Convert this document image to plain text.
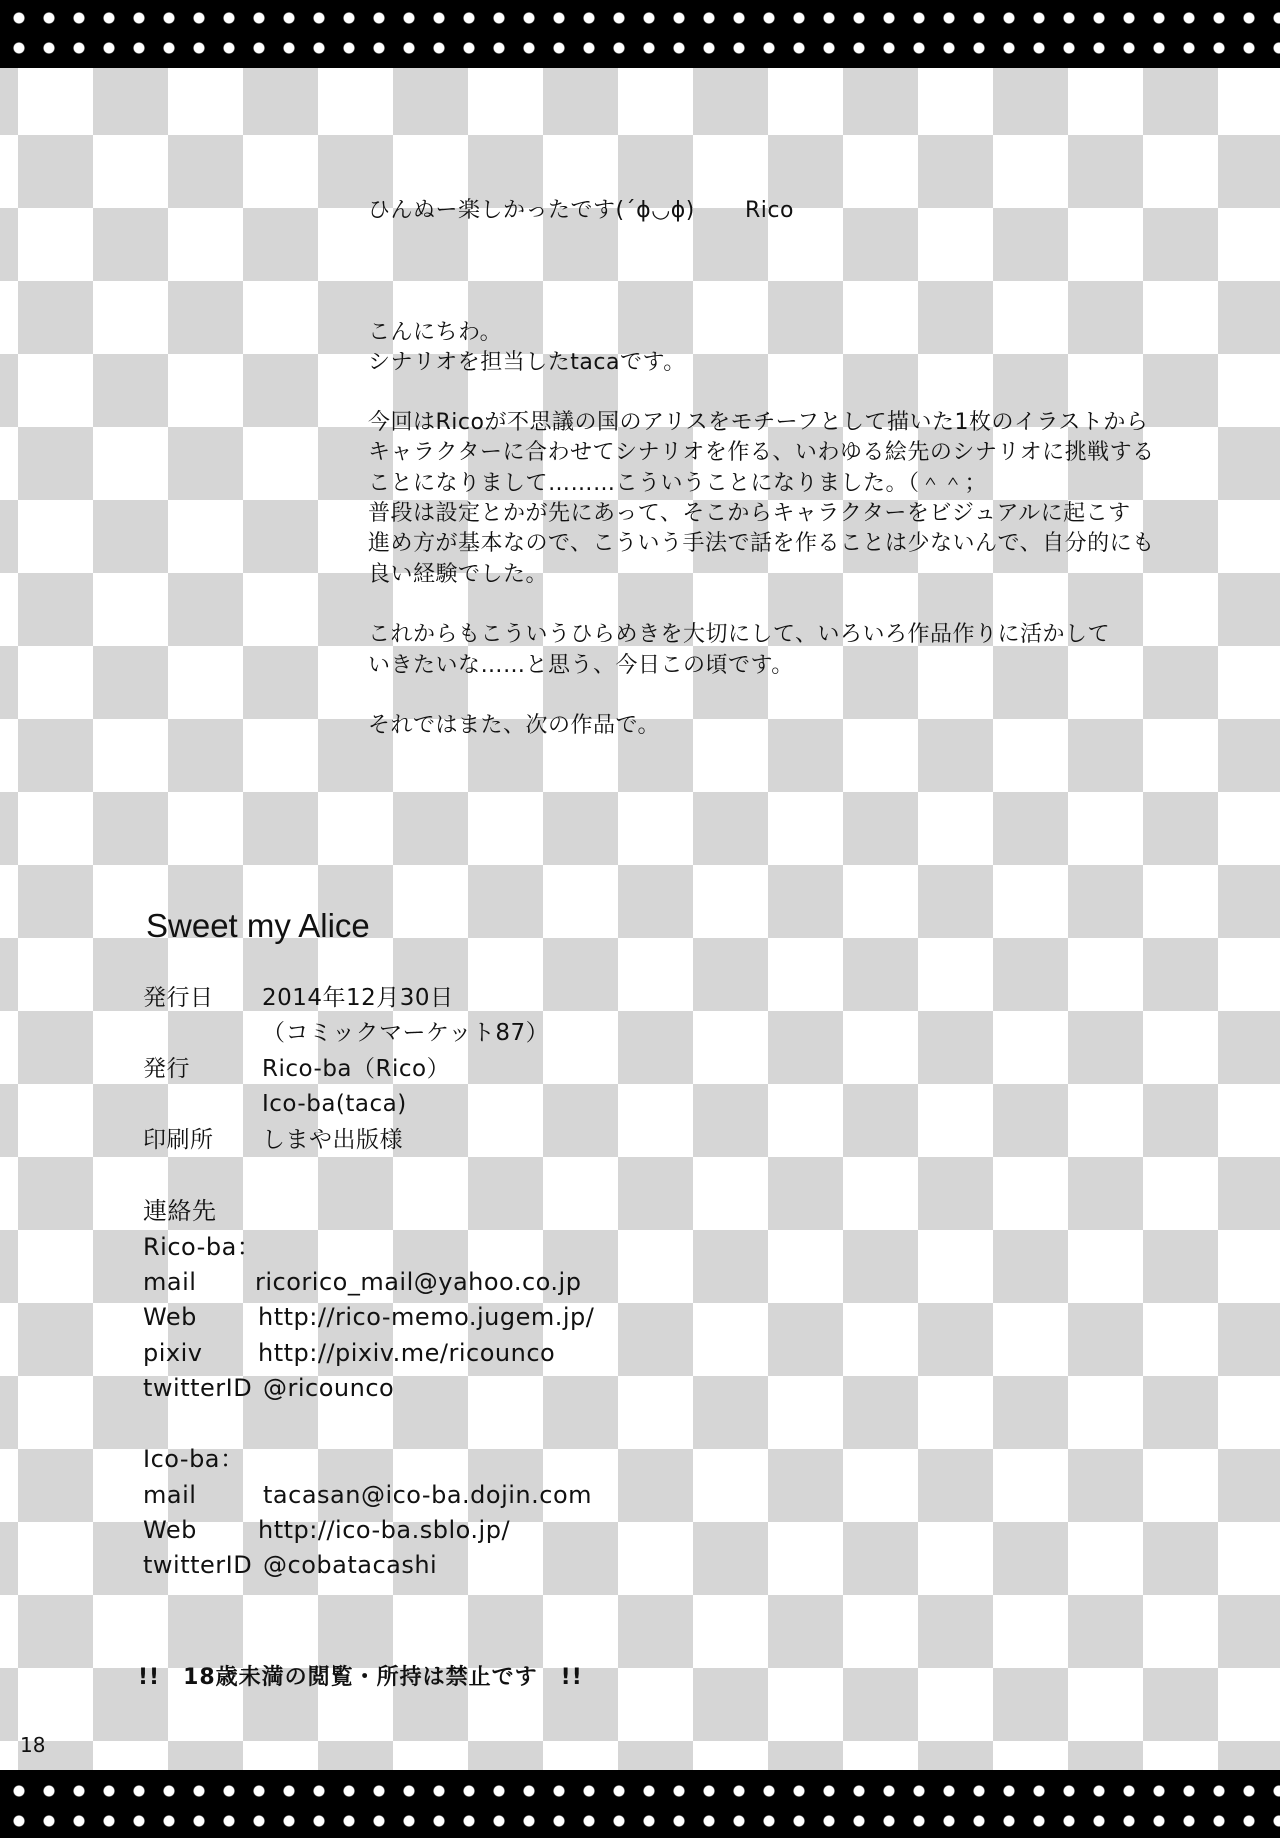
ひんぬー楽しかったです(´ɸ◡ɸ) Rico
こんにちわ。
シナリオを担当したtacaです。
今回はRicoが不思議の国のアリスをモチーフとして描いた1枚のイラストから
キャラクターに合わせてシナリオを作る、いわゆる絵先のシナリオに挑戦する
ことになりまして………こういうことになりました。（＾＾；
普段は設定とかが先にあって、そこからキャラクターをビジュアルに起こす
進め方が基本なので、こういう手法で話を作ることは少ないんで、自分的にも
良い経験でした。
これからもこういうひらめきを大切にして、いろいろ作品作りに活かして
いきたいな……と思う、今日この頃です。
それではまた、次の作品で。
Sweet my Alice
発行日 2014年12月30日
（コミックマーケット87）
発行	Rico-ba（Rico）
Ico-ba(taca)
印刷所 しまや出版様
連絡先
Rico-ba：
mail ricorico_mail@yahoo.co.jp
Web	http://rico-memo.jugem.jp/
pixiv http://pixiv.me/ricounco
twitterID @ricounco
Ico-ba：
mail	tacasan@ico-ba.dojin.com
Web	http://ico-ba.sblo.jp/
twitterID @cobatacashi
!!　18歳未満の閲覧・所持は禁止です　!!
18
